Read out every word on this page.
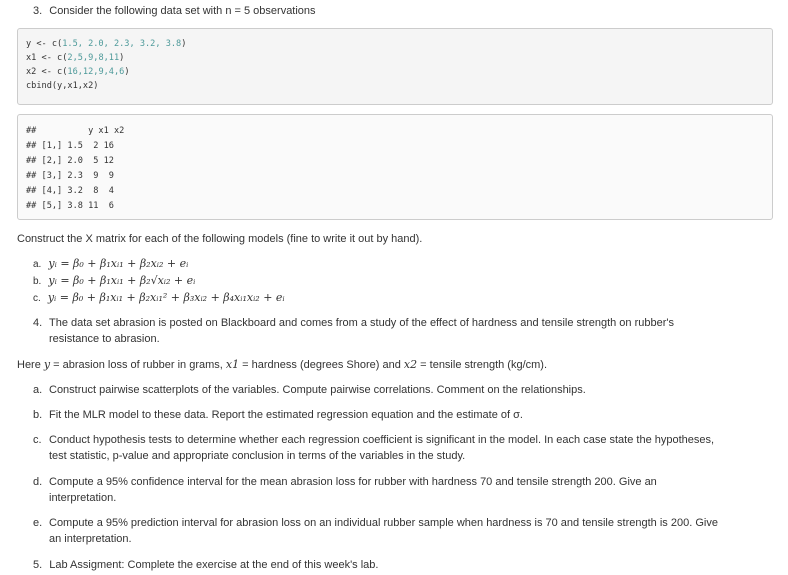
3. Consider the following data set with n = 5 observations
y <- c(1.5, 2.0, 2.3, 3.2, 3.8)
x1 <- c(2,5,9,8,11)
x2 <- c(16,12,9,4,6)
cbind(y,x1,x2)
##          y x1 x2
## [1,] 1.5  2 16
## [2,] 2.0  5 12
## [3,] 2.3  9  9
## [4,] 3.2  8  4
## [5,] 3.8 11  6
Construct the X matrix for each of the following models (fine to write it out by hand).
a. yᵢ = β₀ + β₁xᵢ₁ + β₂xᵢ₂ + eᵢ
b. yᵢ = β₀ + β₁xᵢ₁ + β₂√xᵢ₂ + eᵢ
c. yᵢ = β₀ + β₁xᵢ₁ + β₂xᵢ₁² + β₃xᵢ₂ + β₄xᵢ₁xᵢ₂ + eᵢ
4. The data set abrasion is posted on Blackboard and comes from a study of the effect of hardness and tensile strength on rubber's
resistance to abrasion.
Here y = abrasion loss of rubber in grams, x1 = hardness (degrees Shore) and x2 = tensile strength (kg/cm).
a. Construct pairwise scatterplots of the variables. Compute pairwise correlations. Comment on the relationships.
b. Fit the MLR model to these data. Report the estimated regression equation and the estimate of σ.
c. Conduct hypothesis tests to determine whether each regression coefficient is significant in the model. In each case state the hypotheses,
test statistic, p-value and appropriate conclusion in terms of the variables in the study.
d. Compute a 95% confidence interval for the mean abrasion loss for rubber with hardness 70 and tensile strength 200. Give an
interpretation.
e. Compute a 95% prediction interval for abrasion loss on an individual rubber sample when hardness is 70 and tensile strength is 200. Give
an interpretation.
5. Lab Assigment: Complete the exercise at the end of this week's lab.
